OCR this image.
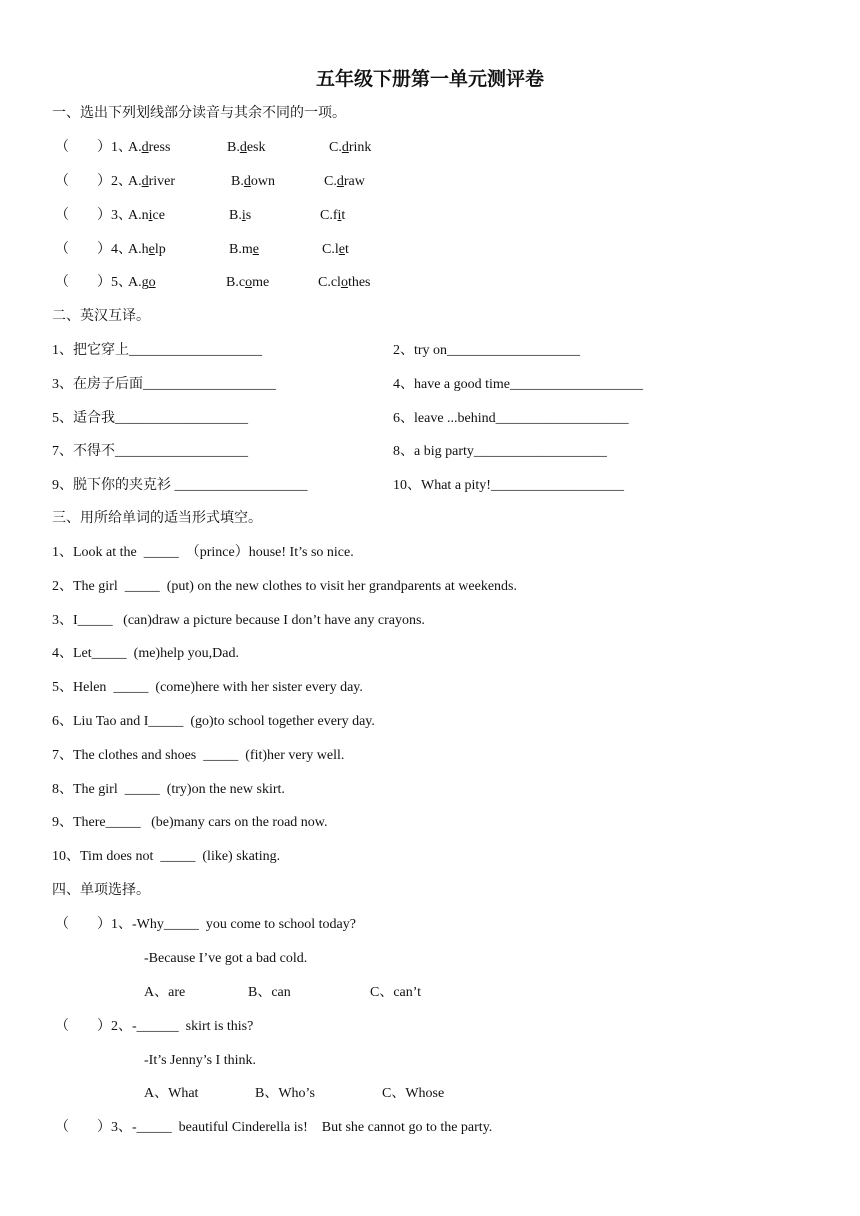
五年级下册第一单元测评卷
一、选出下列划线部分读音与其余不同的一项。
（　　）1、
A.dress	B.desk	C.drink
（　　）2、
A.driver	B.down	C.draw
（　　）3、
A.nice	B.is	C.fit
（　　）4、
A.help	B.me	C.let
（　　）5、
A.go	B.come	C.clothes
二、英汉互译。
1、把它穿上___________________	2、try on___________________
3、在房子后面___________________	4、have a good time___________________
5、适合我___________________	6、leave ...behind___________________
7、不得不___________________	8、a big party___________________
9、脱下你的夹克衫 ___________________	10、What a pity!___________________
三、用所给单词的适当形式填空。
1、Look at the  _____  （prince）house! It’s so nice.
2、The girl  _____  (put) on the new clothes to visit her grandparents at weekends.
3、I_____   (can)draw a picture because I don’t have any crayons.
4、Let_____  (me)help you,Dad.
5、Helen  _____  (come)here with her sister every day.
6、Liu Tao and I_____  (go)to school together every day.
7、The clothes and shoes  _____  (fit)her very well.
8、The girl  _____  (try)on the new skirt.
9、There_____   (be)many cars on the road now.
10、Tim does not  _____  (like) skating.
四、单项选择。
（　　）1、-Why_____  you come to school today?
-Because I’ve got a bad cold.
A、are	B、can	C、can’t
（　　）2、-______  skirt is this?
-It’s Jenny’s I think.
A、What	B、Who’s	C、Whose
（　　）3、-_____  beautiful Cinderella is!    But she cannot go to the party.
